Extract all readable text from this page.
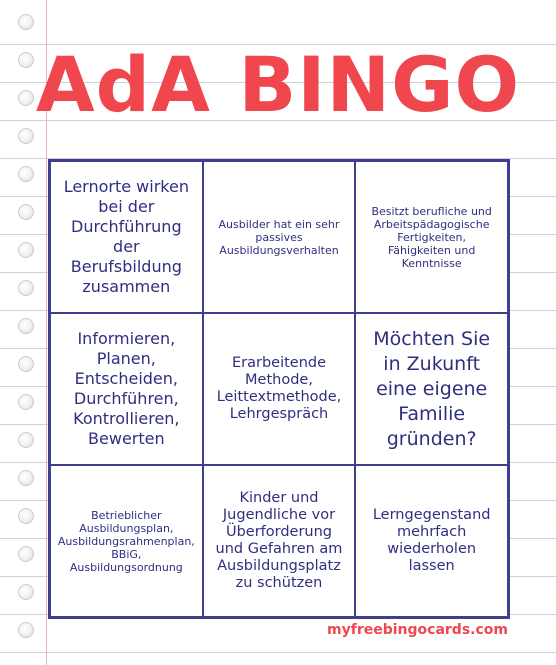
AdA BINGO
Lernorte wirken bei der Durchführung der Berufsbildung zusammen
Ausbilder hat ein sehr passives Ausbildungsverhalten
Besitzt berufliche und Arbeitspädagogische Fertigkeiten, Fähigkeiten und Kenntnisse
Informieren, Planen, Entscheiden, Durchführen, Kontrollieren, Bewerten
Erarbeitende Methode, Leittextmethode, Lehrgespräch
Möchten Sie in Zukunft eine eigene Familie gründen?
Betrieblicher Ausbildungsplan, Ausbildungsrahmenplan, BBiG, Ausbildungsordnung
Kinder und Jugendliche vor Überforderung und Gefahren am Ausbildungsplatz zu schützen
Lerngegenstand mehrfach wiederholen lassen
myfreebingocards.com
